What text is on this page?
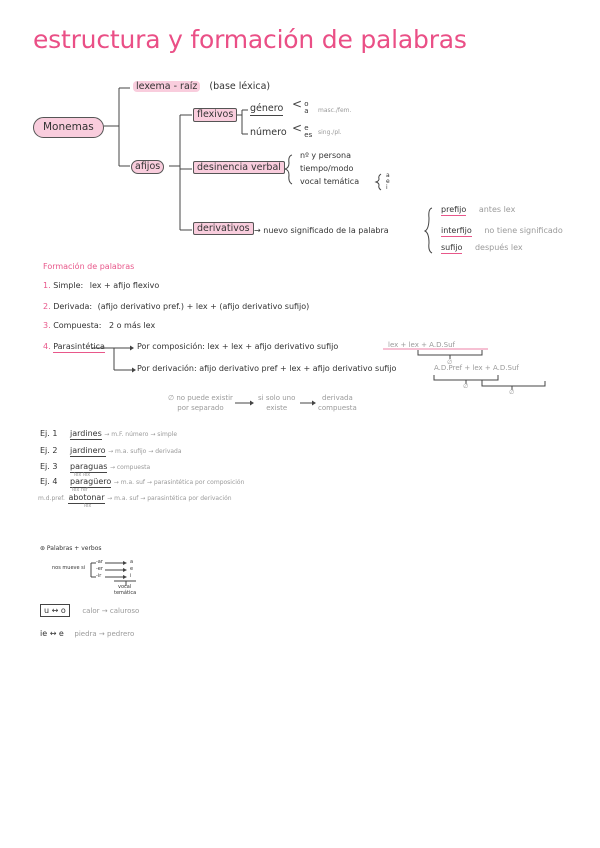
estructura y formación de palabras
Monemas
lexema - raíz (base léxica)
afijos
flexivos
género < o
a masc./fem.
número < e
es sing./pl.
desinencia verbal
nº y persona
tiempo/modo
vocal temática
a
e
i
derivativos → nuevo significado de la palabra
prefijo antes lex
interfijo no tiene significado
sufijo después lex
Formación de palabras
1. Simple: lex + afijo flexivo
2. Derivada: (afijo derivativo pref.) + lex + (afijo derivativo sufijo)
3. Compuesta: 2 o más lex
4. Parasintética	Por composición: lex + lex + afijo derivativo sufijo	lex + lex + A.D.Suf
∅
Por derivación: afijo derivativo pref + lex + afijo derivativo sufijo	A.D.Pref + lex + A.D.Suf
∅
∅
∅ no puede existir
por separado
si solo uno
existe
derivada
compuesta
Ej. 1 jardines → m.F. número → simple
Ej. 2 jardinero → m.a. sufijo → derivada
Ej. 3 paraguas → compuesta
lex lex
Ej. 4 paragüero → m.a. suf → parasintética por composición
lex ref
m.d.pref. abotonar → m.a. suf → parasintética por derivación
lex
⊛ Palabras + verbos
nos mueve si
-ar
-er
-ir
a
e
i
vocal
temática
u ↔ o calor → caluroso
ie ↔ e piedra → pedrero
